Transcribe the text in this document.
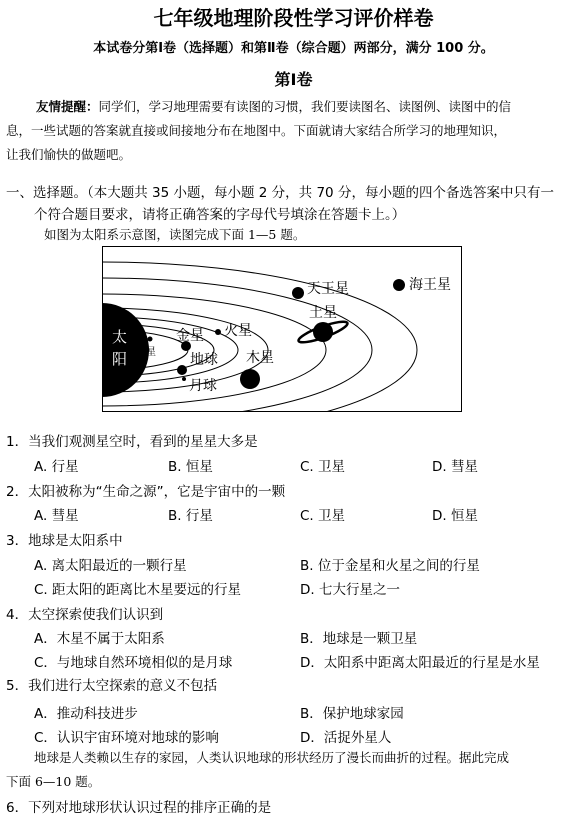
七年级地理阶段性学习评价样卷
本试卷分第Ⅰ卷（选择题）和第Ⅱ卷（综合题）两部分，满分 100 分。
第Ⅰ卷
友情提醒：同学们，学习地理需要有读图的习惯，我们要读图名、读图例、读图中的信
息，一些试题的答案就直接或间接地分布在地图中。下面就请大家结合所学习的地理知识，
让我们愉快的做题吧。
一、选择题。（本大题共 35 小题，每小题 2 分，共 70 分，每小题的四个备选答案中只有一
个符合题目要求，请将正确答案的字母代号填涂在答题卡上。）
如图为太阳系示意图，读图完成下面 1—5 题。
太
阳 水星
金星 火星
地球
月球
木星
土星
天王星	海王星
1．当我们观测星空时，看到的星星大多是
A. 行星	B. 恒星	C. 卫星	D. 彗星
2．太阳被称为“生命之源”，它是宇宙中的一颗
A. 彗星	B. 行星	C. 卫星	D. 恒星
3．地球是太阳系中
A. 离太阳最近的一颗行星	B. 位于金星和火星之间的行星
C. 距太阳的距离比木星要远的行星	D. 七大行星之一
4．太空探索使我们认识到
A．木星不属于太阳系	B．地球是一颗卫星
C．与地球自然环境相似的是月球	D．太阳系中距离太阳最近的行星是水星
5．我们进行太空探索的意义不包括
A．推动科技进步	B．保护地球家园
C．认识宇宙环境对地球的影响	D．活捉外星人
地球是人类赖以生存的家园，人类认识地球的形状经历了漫长而曲折的过程。据此完成
下面 6—10 题。
6．下列对地球形状认识过程的排序正确的是
